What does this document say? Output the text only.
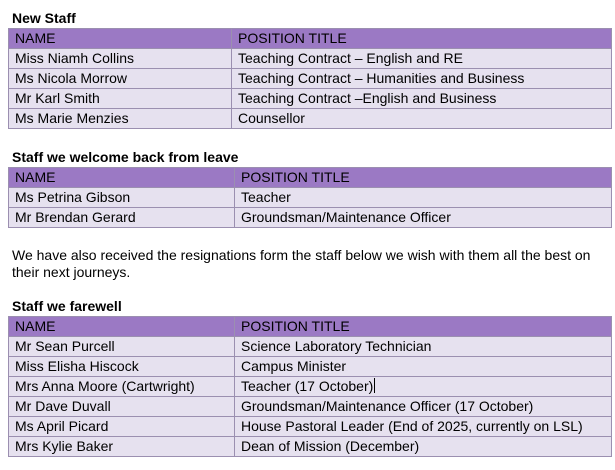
New Staff
NAME	POSITION TITLE
Miss Niamh Collins	Teaching Contract – English and RE
Ms Nicola Morrow	Teaching Contract – Humanities and Business
Mr Karl Smith	Teaching Contract –English and Business
Ms Marie Menzies	Counsellor
Staff we welcome back from leave
NAME	POSITION TITLE
Ms Petrina Gibson	Teacher
Mr Brendan Gerard	Groundsman/Maintenance Officer

We have also received the resignations form the staff below we wish with them all the best on their next journeys.

Staff we farewell
NAME	POSITION TITLE
Mr Sean Purcell	Science Laboratory Technician
Miss Elisha Hiscock	Campus Minister
Mrs Anna Moore (Cartwright)	Teacher (17 October)
Mr Dave Duvall	Groundsman/Maintenance Officer (17 October)
Ms April Picard	House Pastoral Leader (End of 2025, currently on LSL)
Mrs Kylie Baker	Dean of Mission (December)
